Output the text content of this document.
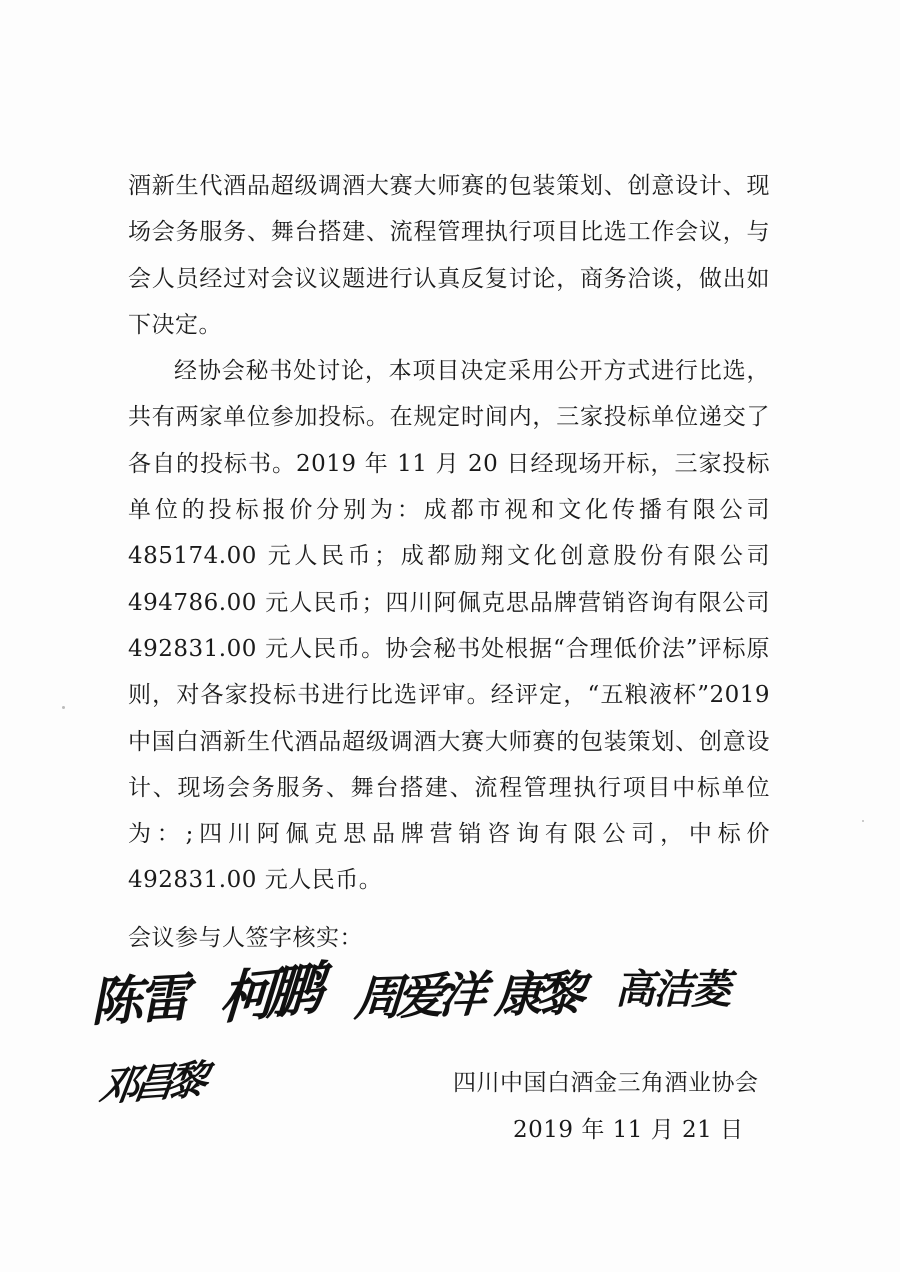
酒新生代酒品超级调酒大赛大师赛的包装策划、创意设计、现场会务服务、舞台搭建、流程管理执行项目比选工作会议，与会人员经过对会议议题进行认真反复讨论，商务洽谈，做出如下决定。

经协会秘书处讨论，本项目决定采用公开方式进行比选，共有两家单位参加投标。在规定时间内，三家投标单位递交了各自的投标书。2019 年 11 月 20 日经现场开标，三家投标单位的投标报价分别为：成都市视和文化传播有限公司 485174.00 元人民币；成都励翔文化创意股份有限公司 494786.00 元人民币；四川阿佩克思品牌营销咨询有限公司 492831.00 元人民币。协会秘书处根据“合理低价法”评标原则，对各家投标书进行比选评审。经评定，“五粮液杯”2019 中国白酒新生代酒品超级调酒大赛大师赛的包装策划、创意设计、现场会务服务、舞台搭建、流程管理执行项目中标单位为：;四川阿佩克思品牌营销咨询有限公司，中标价 492831.00 元人民币。

会议参与人签字核实：
陈雷 柯鹏 周爱洋 康黎 高洁菱
邓昌黎	四川中国白酒金三角酒业协会
2019 年 11 月 21 日
